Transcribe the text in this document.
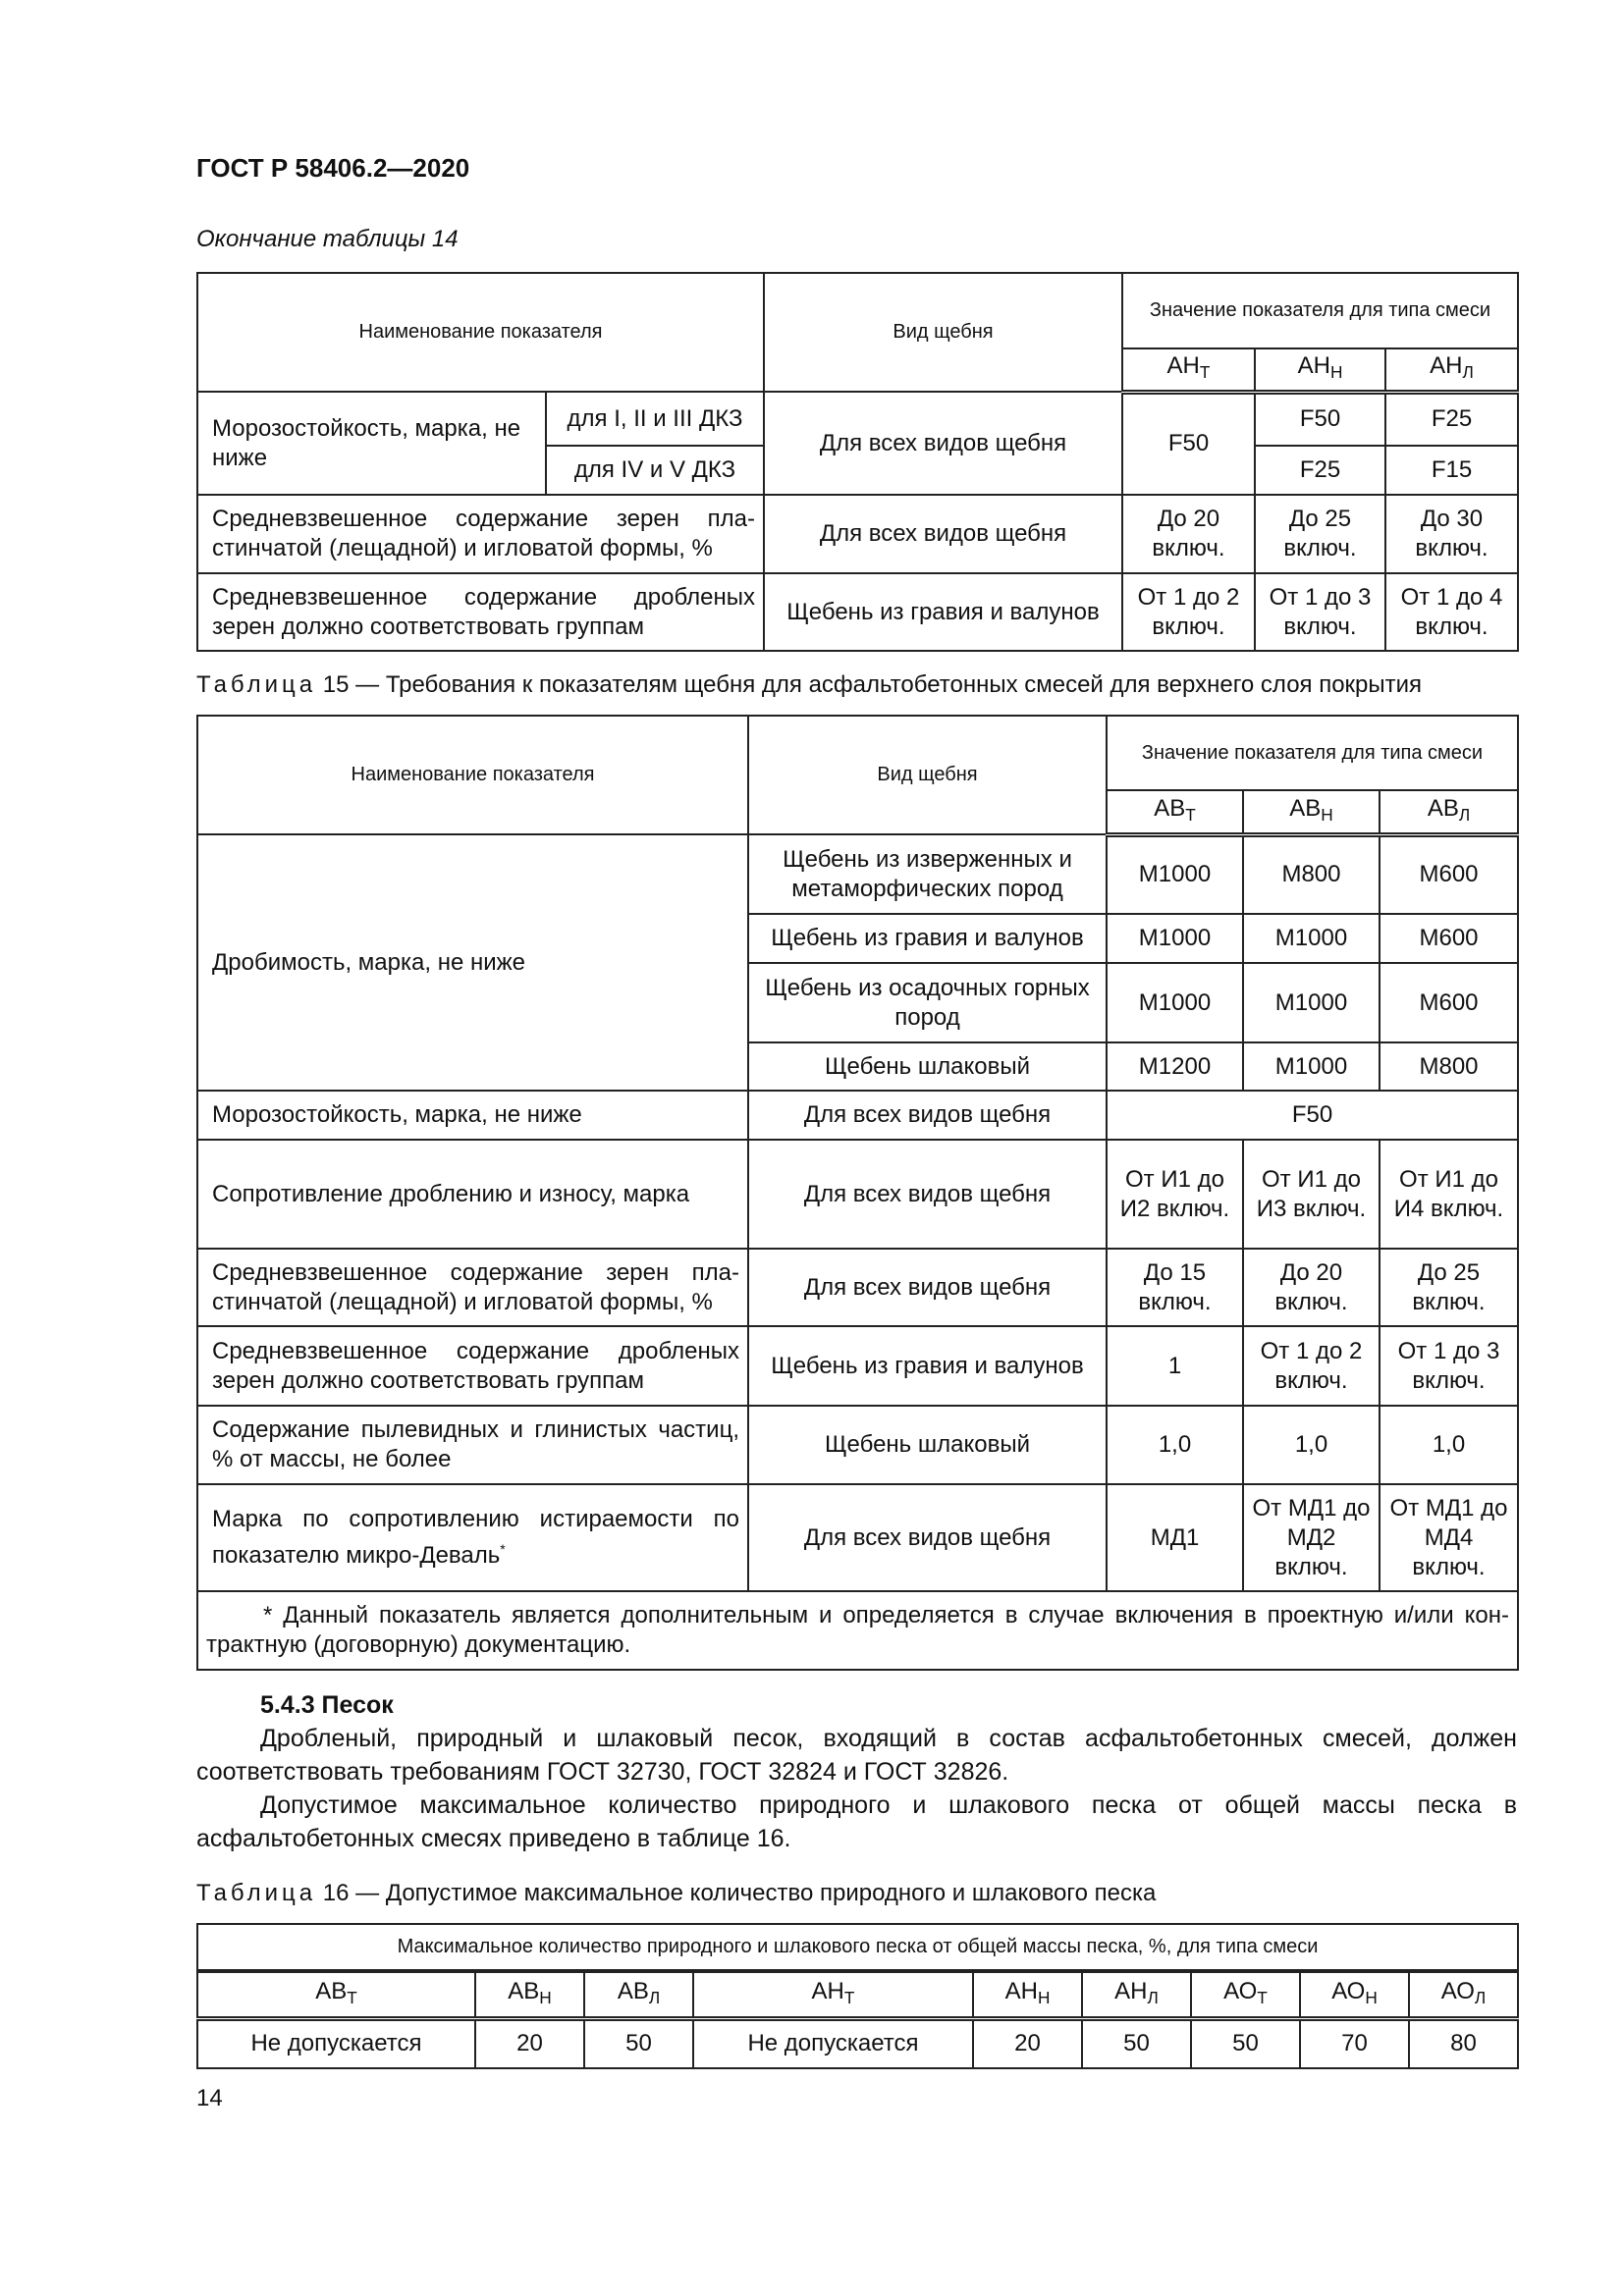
ГОСТ Р 58406.2—2020
Окончание таблицы 14
Наименование показателя		Вид щебня	Значение показателя для типа смеси		
			$АН_Т$	$АН_Н$	$АН_Л$
Морозостойкость, марка, не ниже	для I, II и III ДКЗ	Для всех видов щебня	F50	F50	F25
	для IV и V ДКЗ			F25	F15
Средневзвешенное содержание зерен пластинчатой (лещадной) и игловатой формы, %		Для всех видов щебня	До 20 включ.	До 25 включ.	До 30 включ.
Средневзвешенное содержание дробленых зерен должно соответствовать группам		Щебень из гравия и валунов	От 1 до 2 включ.	От 1 до 3 включ.	От 1 до 4 включ.
Таблица 15 — Требования к показателям щебня для асфальтобетонных смесей для верхнего слоя покрытия
Наименование показателя	Вид щебня	Значение показателя для типа смеси		
		$АВ_Т$	$АВ_Н$	$АВ_Л$
Дробимость, марка, не ниже	Щебень из изверженных и метаморфических пород	М1000	М800	М600
	Щебень из гравия и валунов	М1000	М1000	М600
	Щебень из осадочных горных пород	М1000	М1000	М600
	Щебень шлаковый	М1200	М1000	М800
Морозостойкость, марка, не ниже	Для всех видов щебня	F50		
Сопротивление дроблению и износу, марка	Для всех видов щебня	От И1 до И2 включ.	От И1 до И3 включ.	От И1 до И4 включ.
Средневзвешенное содержание зерен пластинчатой (лещадной) и игловатой формы, %	Для всех видов щебня	До 15 включ.	До 20 включ.	До 25 включ.
Средневзвешенное содержание дробленых зерен должно соответствовать группам	Щебень из гравия и валунов	1	От 1 до 2 включ.	От 1 до 3 включ.
Содержание пылевидных и глинистых частиц, % от массы, не более	Щебень шлаковый	1,0	1,0	1,0
Марка по сопротивлению истираемости по показателю микро-Деваль*	Для всех видов щебня	МД1	От МД1 до МД2 включ.	От МД1 до МД4 включ.
* Данный показатель является дополнительным и определяется в случае включения в проектную и/или контрактную (договорную) документацию.				

5.4.3 Песок

Дробленый, природный и шлаковый песок, входящий в состав асфальтобетонных смесей, должен соответствовать требованиям ГОСТ 32730, ГОСТ 32824 и ГОСТ 32826.

Допустимое максимальное количество природного и шлакового песка от общей массы песка в асфальтобетонных смесях приведено в таблице 16.

Таблица 16 — Допустимое максимальное количество природного и шлакового песка
Максимальное количество природного и шлакового песка от общей массы песка, %, для типа смеси								
$АВ_Т$	$АВ_Н$	$АВ_Л$	$АН_Т$	$АН_Н$	$АН_Л$	$АО_Т$	$АО_Н$	$АО_Л$
Не допускается	20	50	Не допускается	20	50	50	70	80
14
